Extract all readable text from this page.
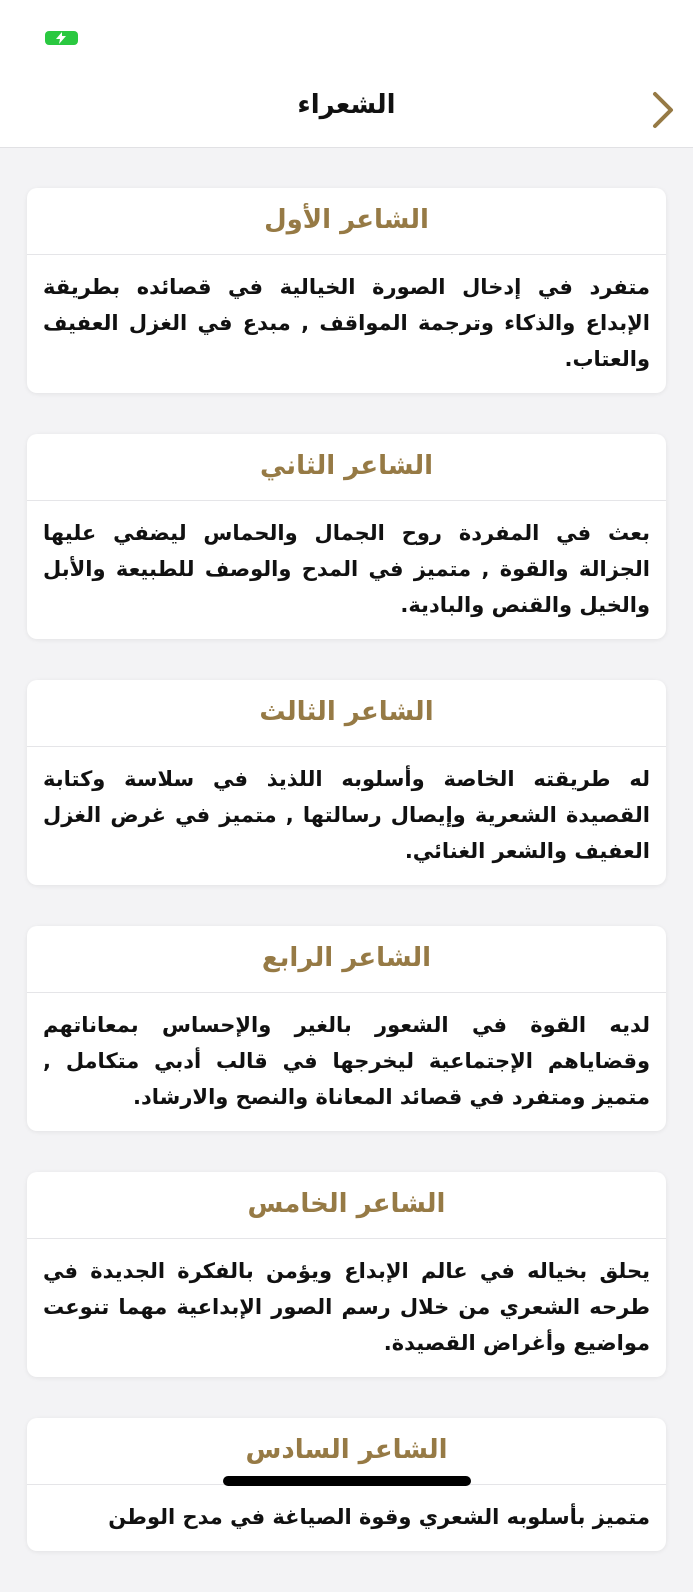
الشعراء
الشاعر الأول
متفرد في إدخال الصورة الخيالية في قصائده بطريقة الإبداع والذكاء وترجمة المواقف , مبدع في الغزل العفيف والعتاب.
الشاعر الثاني
بعث في المفردة روح الجمال والحماس ليضفي عليها الجزالة والقوة , متميز في المدح والوصف للطبيعة والأبل والخيل والقنص والبادية.
الشاعر الثالث
له طريقته الخاصة وأسلوبه اللذيذ في سلاسة وكتابة القصيدة الشعرية وإيصال رسالتها , متميز في غرض الغزل العفيف والشعر الغنائي.
الشاعر الرابع
لديه القوة في الشعور بالغير والإحساس بمعاناتهم وقضاياهم الإجتماعية ليخرجها في قالب أدبي متكامل , متميز ومتفرد في قصائد المعاناة والنصح والارشاد.
الشاعر الخامس
يحلق بخياله في عالم الإبداع ويؤمن بالفكرة الجديدة في طرحه الشعري من خلال رسم الصور الإبداعية مهما تنوعت مواضيع وأغراض القصيدة.
الشاعر السادس
متميز بأسلوبه الشعري وقوة الصياغة في مدح الوطن
